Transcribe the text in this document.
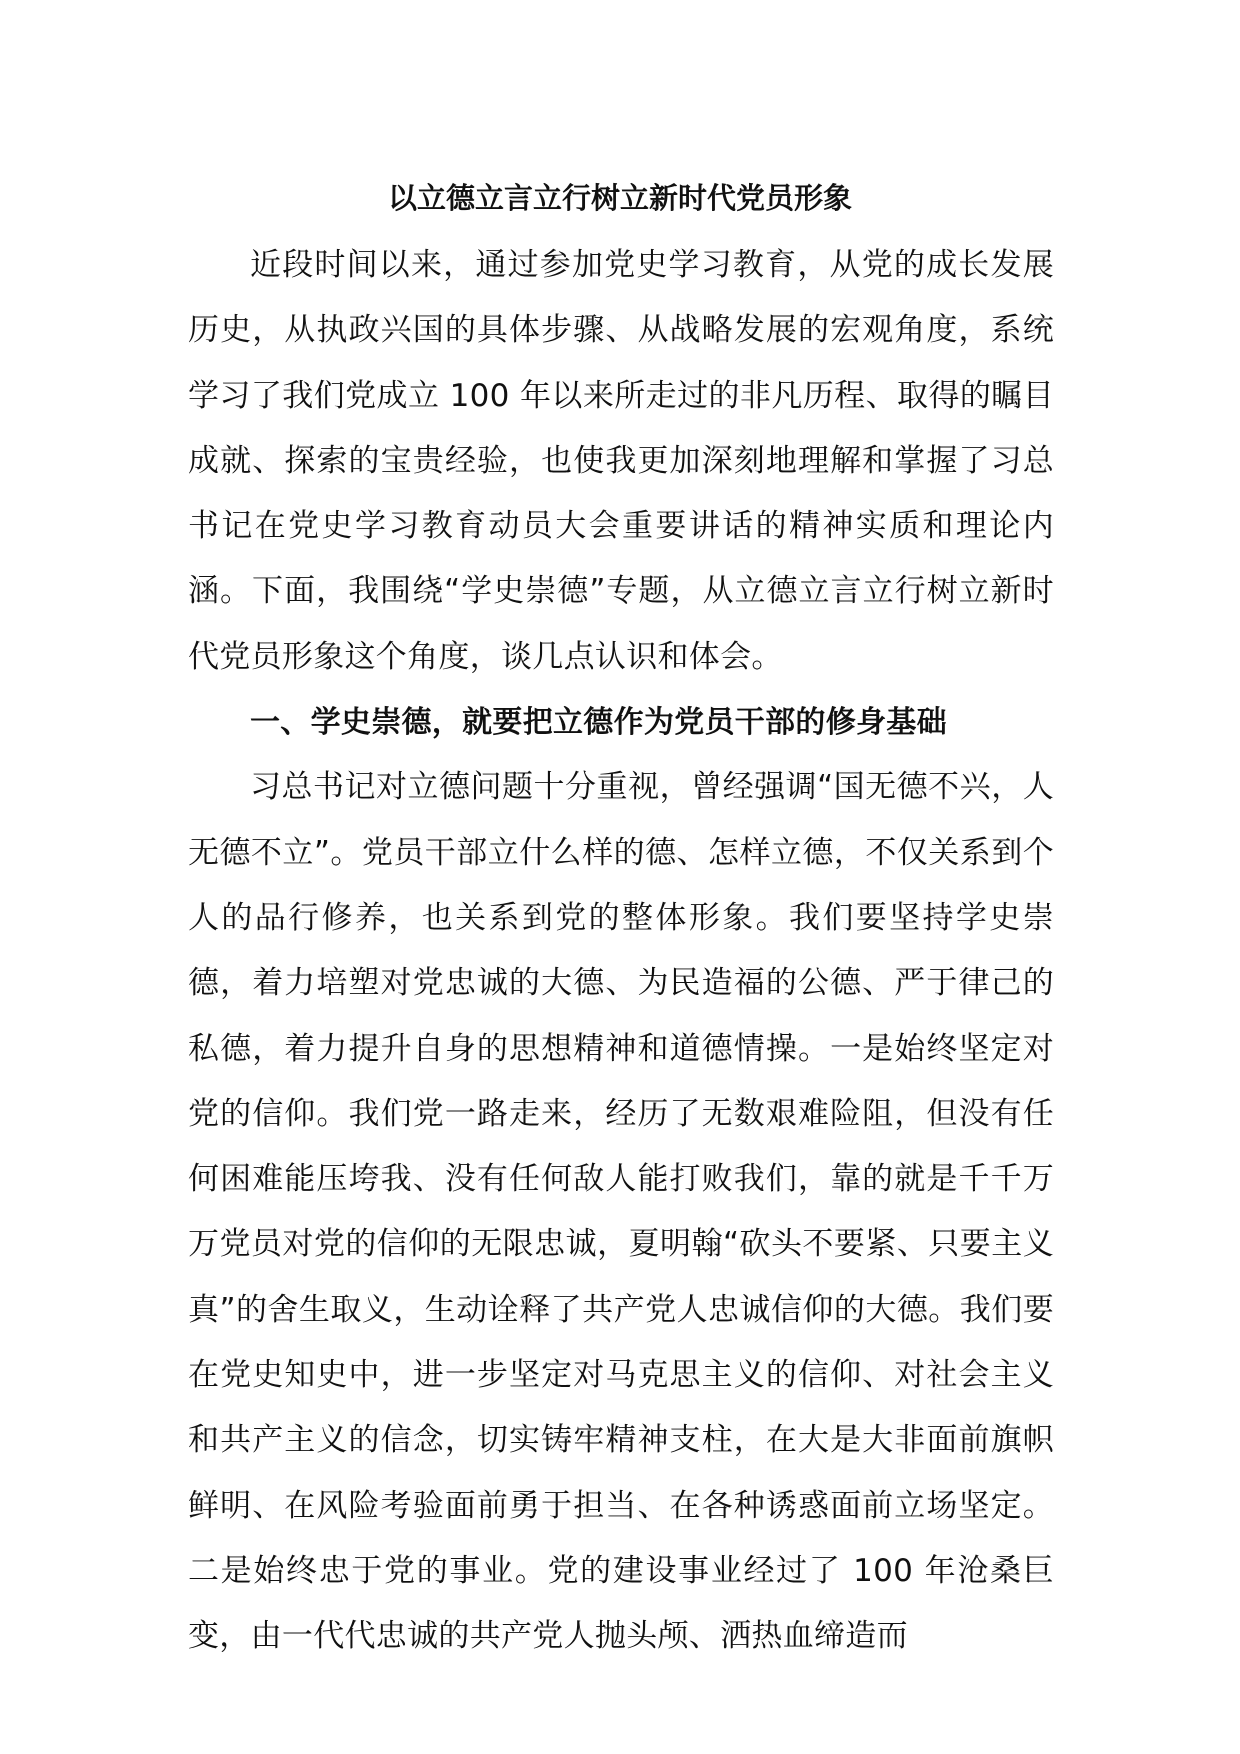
以立德立言立行树立新时代党员形象

近段时间以来，通过参加党史学习教育，从党的成长发展历史，从执政兴国的具体步骤、从战略发展的宏观角度，系统学习了我们党成立 100 年以来所走过的非凡历程、取得的瞩目成就、探索的宝贵经验，也使我更加深刻地理解和掌握了习总书记在党史学习教育动员大会重要讲话的精神实质和理论内涵。下面，我围绕“学史崇德”专题，从立德立言立行树立新时代党员形象这个角度，谈几点认识和体会。

一、学史崇德，就要把立德作为党员干部的修身基础

习总书记对立德问题十分重视，曾经强调“国无德不兴，人无德不立”。党员干部立什么样的德、怎样立德，不仅关系到个人的品行修养，也关系到党的整体形象。我们要坚持学史崇德，着力培塑对党忠诚的大德、为民造福的公德、严于律己的私德，着力提升自身的思想精神和道德情操。一是始终坚定对党的信仰。我们党一路走来，经历了无数艰难险阻，但没有任何困难能压垮我、没有任何敌人能打败我们，靠的就是千千万万党员对党的信仰的无限忠诚，夏明翰“砍头不要紧、只要主义真”的舍生取义，生动诠释了共产党人忠诚信仰的大德。我们要在党史知史中，进一步坚定对马克思主义的信仰、对社会主义和共产主义的信念，切实铸牢精神支柱，在大是大非面前旗帜鲜明、在风险考验面前勇于担当、在各种诱惑面前立场坚定。二是始终忠于党的事业。党的建设事业经过了 100 年沧桑巨变，由一代代忠诚的共产党人抛头颅、洒热血缔造而
